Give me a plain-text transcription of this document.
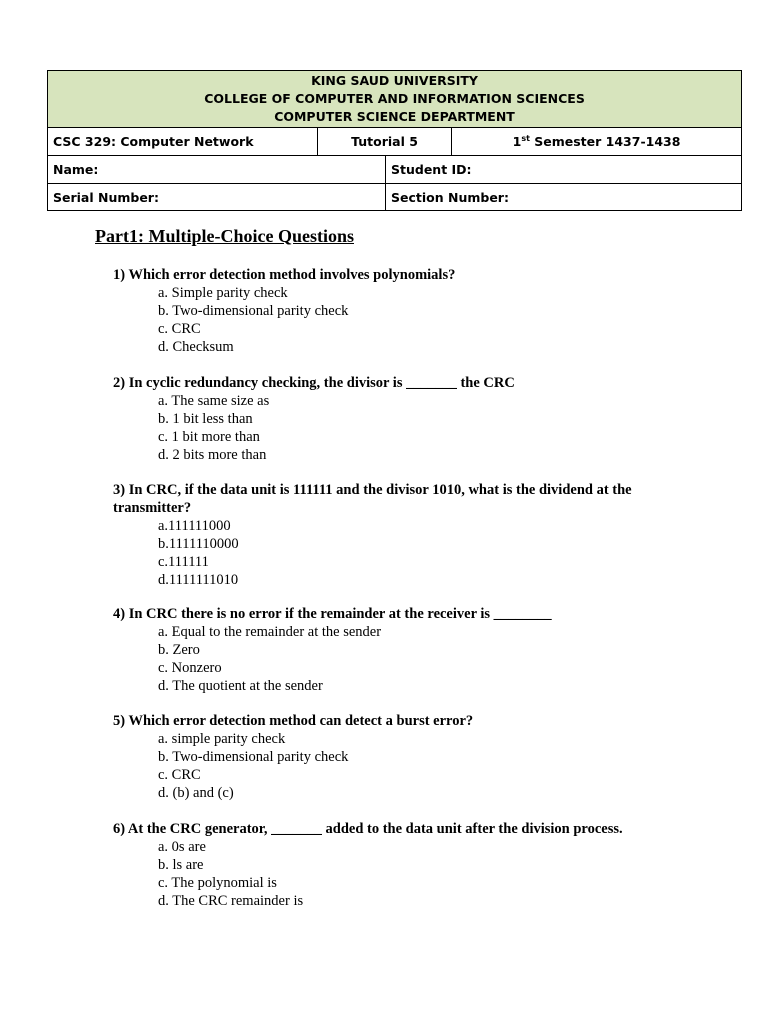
KING SAUD UNIVERSITY
COLLEGE OF COMPUTER AND INFORMATION SCIENCES
COMPUTER SCIENCE DEPARTMENT			

CSC 329: Computer Network	Tutorial 5		1st Semester 1437-1438
Name:		Student ID:	
Serial Number:		Section Number:	
Part1: Multiple-Choice Questions

1) Which error detection method involves polynomials?

a. Simple parity check
b. Two-dimensional parity check
c. CRC
d. Checksum

2) In cyclic redundancy checking, the divisor is _______ the CRC

a. The same size as
b. 1 bit less than
c. 1 bit more than
d. 2 bits more than

3) In CRC, if the data unit is 111111 and the divisor 1010, what is the dividend at the transmitter?

a.111111000
b.1111110000
c.111111
d.1111111010

4) In CRC there is no error if the remainder at the receiver is ________

a. Equal to the remainder at the sender
b. Zero
c. Nonzero
d. The quotient at the sender

5) Which error detection method can detect a burst error?

a. simple parity check
b. Two-dimensional parity check
c. CRC
d. (b) and (c)

6) At the CRC generator, _______ added to the data unit after the division process.

a. 0s are
b. ls are
c. The polynomial is
d. The CRC remainder is
